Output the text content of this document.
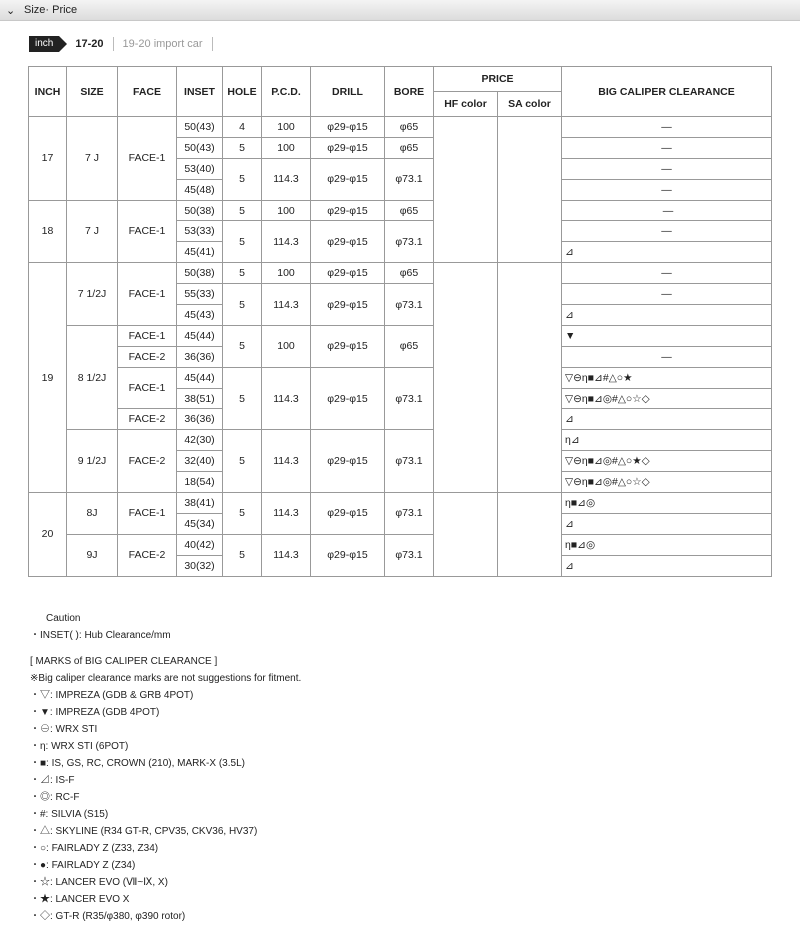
⌄ Size· Price
inch	17-20	19-20 import car
INCH	SIZE	FACE	INSET	HOLE	P.C.D.	DRILL	BORE	PRICE		BIG CALIPER CLEARANCE
								HF color	SA color	
17	7 J	FACE-1	50(43)	4	100	φ29-φ15	φ65			—
			50(43)	5	100	φ29-φ15	φ65			—
			53(40)	5	114.3	φ29-φ15	φ73.1			—
			45(48)							—
18	7 J	FACE-1	50(38)	5	100	φ29-φ15	φ65			—
			53(33)	5	114.3	φ29-φ15	φ73.1			—
			45(41)							⊿
19	7 1/2J	FACE-1	50(38)	5	100	φ29-φ15	φ65			—
			55(33)	5	114.3	φ29-φ15	φ73.1			—
			45(43)							⊿
	8 1/2J	FACE-1	45(44)	5	100	φ29-φ15	φ65			▼
		FACE-2	36(36)							—
		FACE-1	45(44)	5	114.3	φ29-φ15	φ73.1			▽⊖η■⊿#△○★
			38(51)							▽⊖η■⊿◎#△○☆◇
		FACE-2	36(36)							⊿
	9 1/2J	FACE-2	42(30)	5	114.3	φ29-φ15	φ73.1			η⊿
			32(40)							▽⊖η■⊿◎#△○★◇
			18(54)							▽⊖η■⊿◎#△○☆◇
20	8J	FACE-1	38(41)	5	114.3	φ29-φ15	φ73.1			η■⊿◎
			45(34)							⊿
	9J	FACE-2	40(42)	5	114.3	φ29-φ15	φ73.1			η■⊿◎
			30(32)							⊿
Caution
・INSET( ): Hub Clearance/mm
[ MARKS of BIG CALIPER CLEARANCE ]
※Big caliper clearance marks are not suggestions for fitment.
・▽: IMPREZA (GDB & GRB 4POT)
・▼: IMPREZA (GDB 4POT)
・⊖: WRX STI
・η: WRX STI (6POT)
・■: IS, GS, RC, CROWN (210), MARK-X (3.5L)
・⊿: IS-F
・◎: RC-F
・#: SILVIA (S15)
・△: SKYLINE (R34 GT-R, CPV35, CKV36, HV37)
・○: FAIRLADY Z (Z33, Z34)
・●: FAIRLADY Z (Z34)
・☆: LANCER EVO (Ⅶ~Ⅸ, X)
・★: LANCER EVO X
・◇: GT-R (R35/φ380, φ390 rotor)
